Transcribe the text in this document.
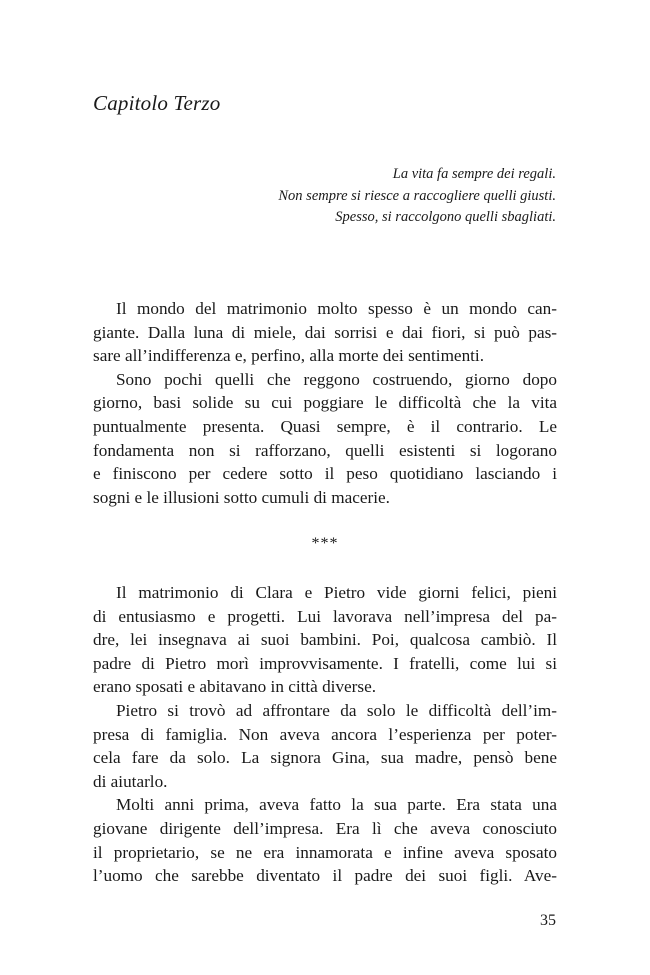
Capitolo Terzo
La vita fa sempre dei regali.
Non sempre si riesce a raccogliere quelli giusti.
Spesso, si raccolgono quelli sbagliati.
Il mondo del matrimonio molto spesso è un mondo can-
giante. Dalla luna di miele, dai sorrisi e dai fiori, si può pas-
sare all’indifferenza e, perfino, alla morte dei sentimenti.
Sono pochi quelli che reggono costruendo, giorno dopo
giorno, basi solide su cui poggiare le difficoltà che la vita
puntualmente presenta. Quasi sempre, è il contrario. Le
fondamenta non si rafforzano, quelli esistenti si logorano
e finiscono per cedere sotto il peso quotidiano lasciando i
sogni e le illusioni sotto cumuli di macerie.
***
Il matrimonio di Clara e Pietro vide giorni felici, pieni
di entusiasmo e progetti. Lui lavorava nell’impresa del pa-
dre, lei insegnava ai suoi bambini. Poi, qualcosa cambiò. Il
padre di Pietro morì improvvisamente. I fratelli, come lui si
erano sposati e abitavano in città diverse.
Pietro si trovò ad affrontare da solo le difficoltà dell’im-
presa di famiglia. Non aveva ancora l’esperienza per poter-
cela fare da solo. La signora Gina, sua madre, pensò bene
di aiutarlo.
Molti anni prima, aveva fatto la sua parte. Era stata una
giovane dirigente dell’impresa. Era lì che aveva conosciuto
il proprietario, se ne era innamorata e infine aveva sposato
l’uomo che sarebbe diventato il padre dei suoi figli. Ave-
35
